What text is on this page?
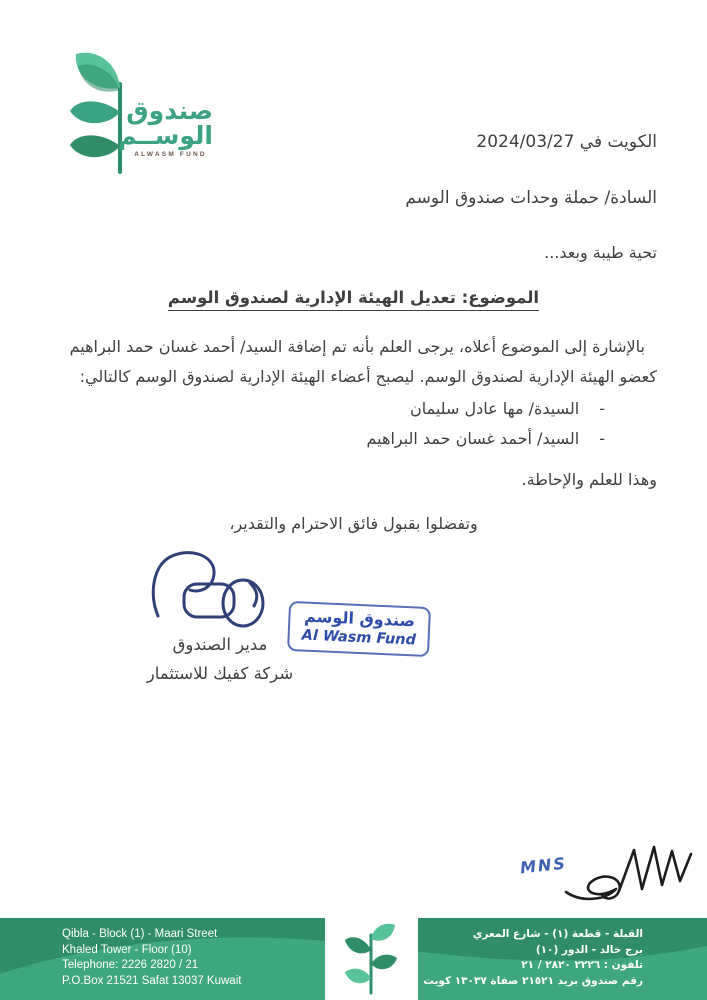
صندوق
الوســم
ALWASM FUND
الكويت في 2024/03/27
السادة/ حملة وحدات صندوق الوسم
تحية طيبة وبعد...
الموضوع: تعديل الهيئة الإدارية لصندوق الوسم
بالإشارة إلى الموضوع أعلاه، يرجى العلم بأنه تم إضافة السيد/ أحمد غسان حمد البراهيم كعضو الهيئة الإدارية لصندوق الوسم. ليصبح أعضاء الهيئة الإدارية لصندوق الوسم كالتالي:
-
السيدة/ مها عادل سليمان
-
السيد/ أحمد غسان حمد البراهيم
وهذا للعلم والإحاطة.
وتفضلوا بقبول فائق الاحترام والتقدير،
صندوق الوسم
Al Wasm Fund
مدير الصندوق
شركة كفيك للاستثمار
MNS
Qibla - Block (1) - Maari Street
Khaled Tower - Floor (10)
Telephone: 2226 2820 / 21
P.O.Box 21521 Safat 13037 Kuwait
القبلة - قطعة (١) - شارع المعري
برج خالد - الدور (١٠)
تلفون : ٢٢٢٦ ٢٨٢٠ / ٢١
رقم صندوق بريد ٢١٥٢١ صفاة ١٣٠٣٧ كويت
